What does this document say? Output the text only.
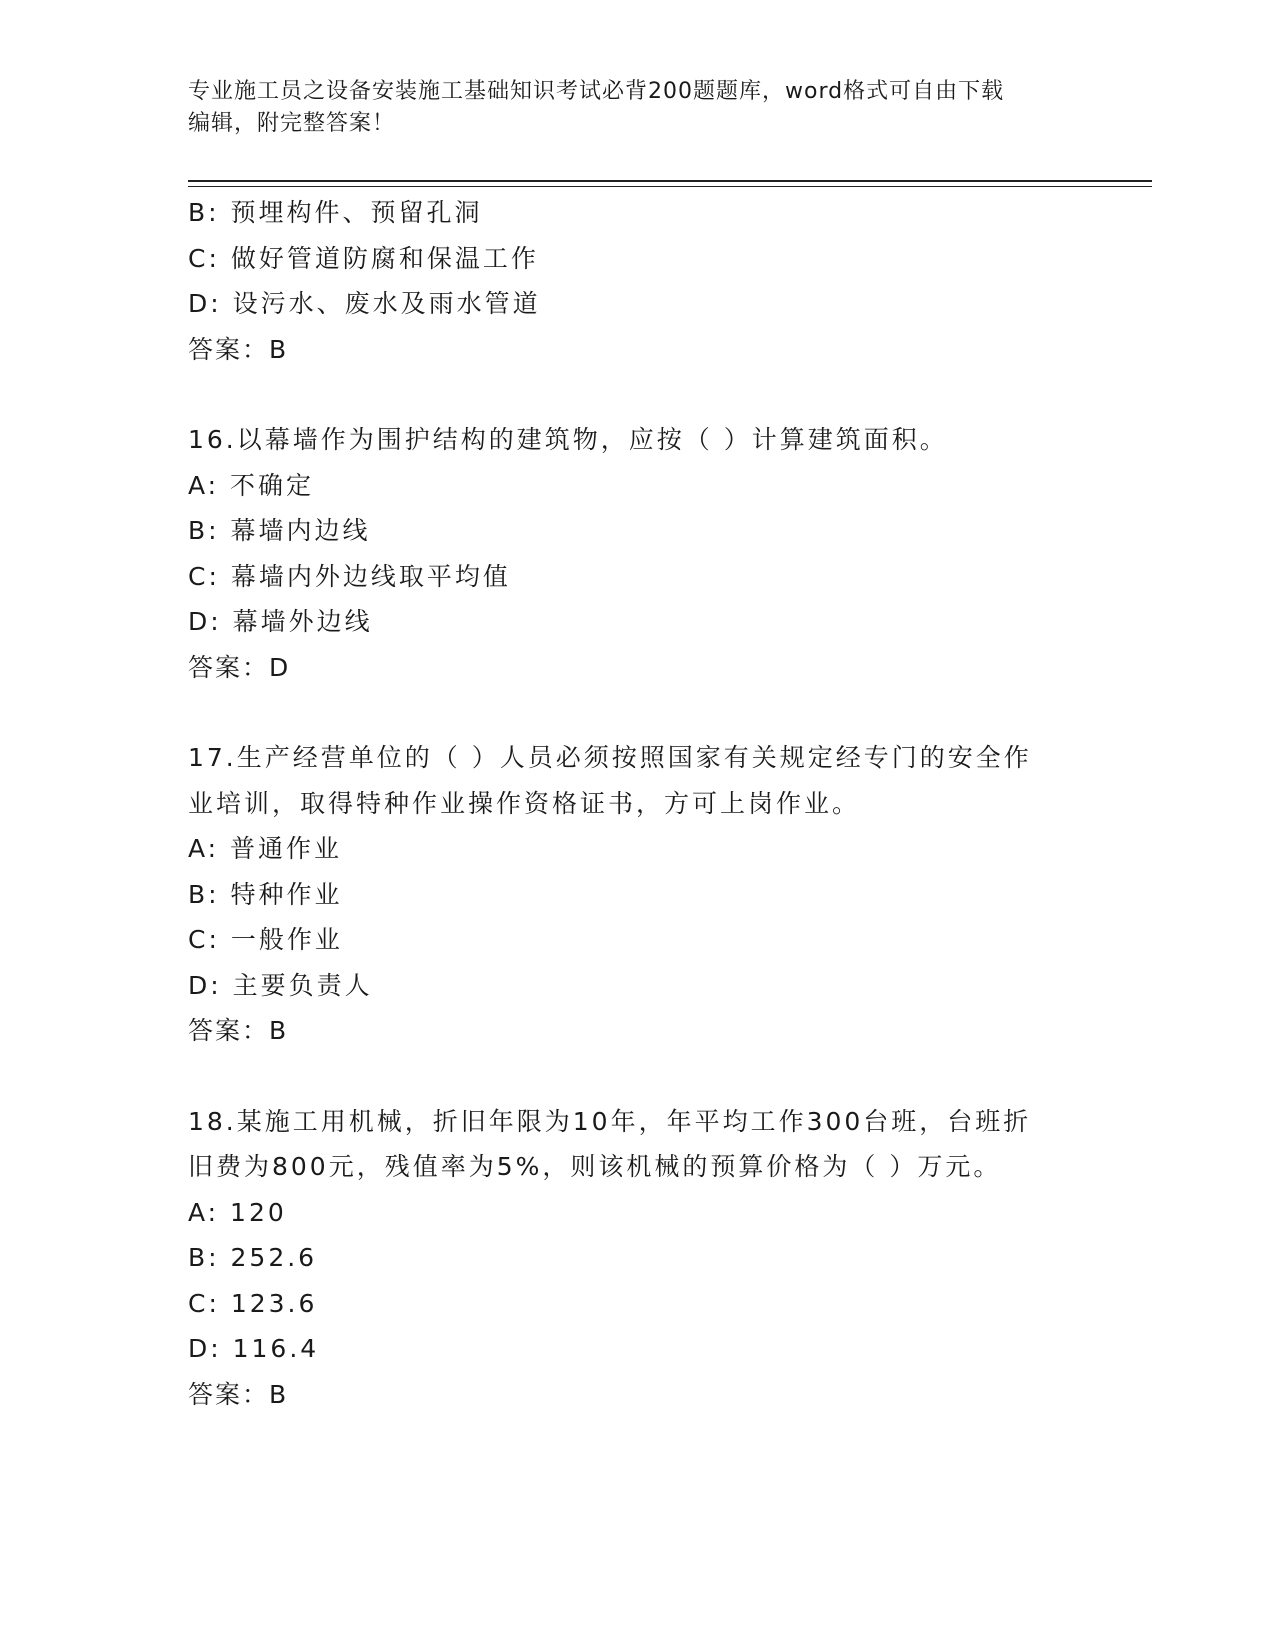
专业施工员之设备安装施工基础知识考试必背200题题库，word格式可自由下载
编辑，附完整答案！
B: 预埋构件、预留孔洞
C: 做好管道防腐和保温工作
D: 设污水、废水及雨水管道
答案：B
16.以幕墙作为围护结构的建筑物，应按（ ）计算建筑面积。
A: 不确定
B: 幕墙内边线
C: 幕墙内外边线取平均值
D: 幕墙外边线
答案：D
17.生产经营单位的（ ）人员必须按照国家有关规定经专门的安全作
业培训，取得特种作业操作资格证书，方可上岗作业。
A: 普通作业
B: 特种作业
C: 一般作业
D: 主要负责人
答案：B
18.某施工用机械，折旧年限为10年，年平均工作300台班，台班折
旧费为800元，残值率为5%，则该机械的预算价格为（ ）万元。
A: 120
B: 252.6
C: 123.6
D: 116.4
答案：B
